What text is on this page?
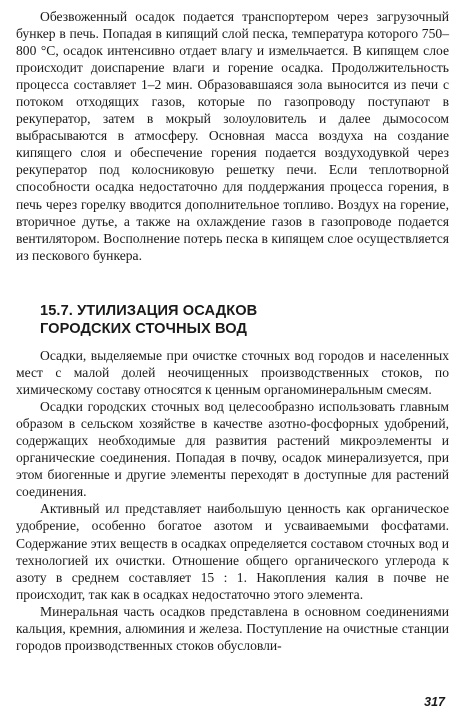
Обезвоженный осадок подается транспортером через загрузочный бункер в печь. Попадая в кипящий слой песка, температура которого 750–800 °С, осадок интенсивно отдает влагу и измельчается. В кипящем слое происходит доиспарение влаги и горение осадка. Продолжительность процесса составляет 1–2 мин. Образовавшаяся зола выносится из печи с потоком отходящих газов, которые по газопроводу поступают в рекуператор, затем в мокрый золоуловитель и далее дымососом выбрасываются в атмосферу. Основная масса воздуха на создание кипящего слоя и обеспечение горения подается воздуходувкой через рекуператор под колосниковую решетку печи. Если теплотворной способности осадка недостаточно для поддержания процесса горения, в печь через горелку вводится дополнительное топливо. Воздух на горение, вторичное дутье, а также на охлаждение газов в газопроводе подается вентилятором. Восполнение потерь песка в кипящем слое осуществляется из пескового бункера.

15.7. УТИЛИЗАЦИЯ ОСАДКОВ
ГОРОДСКИХ СТОЧНЫХ ВОД

Осадки, выделяемые при очистке сточных вод городов и населенных мест с малой долей неочищенных производственных стоков, по химическому составу относятся к ценным органоминеральным смесям.

Осадки городских сточных вод целесообразно использовать главным образом в сельском хозяйстве в качестве азотно-фосфорных удобрений, содержащих необходимые для развития растений микроэлементы и органические соединения. Попадая в почву, осадок минерализуется, при этом биогенные и другие элементы переходят в доступные для растений соединения.

Активный ил представляет наибольшую ценность как органическое удобрение, особенно богатое азотом и усваиваемыми фосфатами. Содержание этих веществ в осадках определяется составом сточных вод и технологией их очистки. Отношение общего органического углерода к азоту в среднем составляет 15 : 1. Накопления калия в почве не происходит, так как в осадках недостаточно этого элемента.

Минеральная часть осадков представлена в основном соединениями кальция, кремния, алюминия и железа. Поступление на очистные станции городов производственных стоков обусловли-

317
